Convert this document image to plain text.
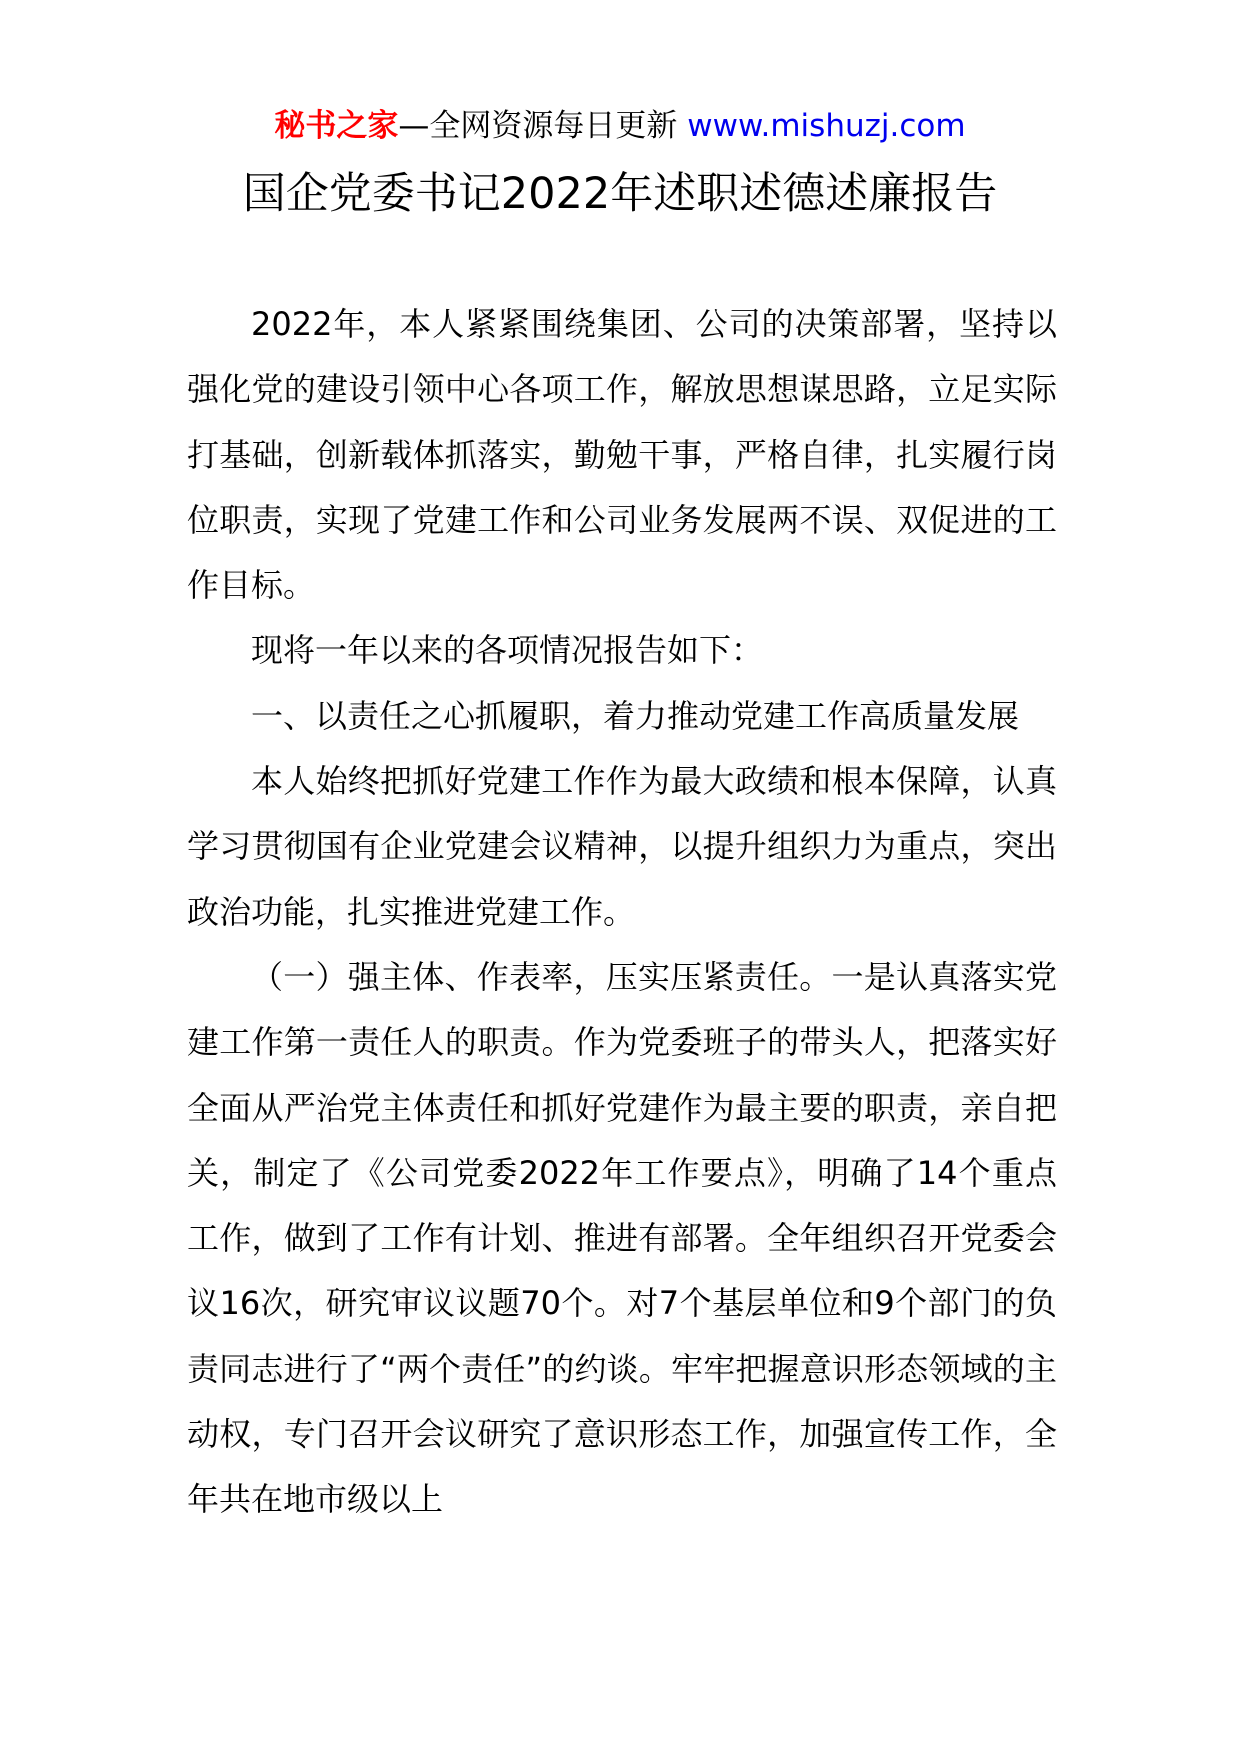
秘书之家—全网资源每日更新 www.mishuzj.com
国企党委书记2022年述职述德述廉报告

2022年，本人紧紧围绕集团、公司的决策部署，坚持以强化党的建设引领中心各项工作，解放思想谋思路，立足实际打基础，创新载体抓落实，勤勉干事，严格自律，扎实履行岗位职责，实现了党建工作和公司业务发展两不误、双促进的工作目标。

现将一年以来的各项情况报告如下：

一、以责任之心抓履职，着力推动党建工作高质量发展

本人始终把抓好党建工作作为最大政绩和根本保障，认真学习贯彻国有企业党建会议精神，以提升组织力为重点，突出政治功能，扎实推进党建工作。

（一）强主体、作表率，压实压紧责任。一是认真落实党建工作第一责任人的职责。作为党委班子的带头人，把落实好全面从严治党主体责任和抓好党建作为最主要的职责，亲自把关，制定了《公司党委2022年工作要点》，明确了14个重点工作，做到了工作有计划、推进有部署。全年组织召开党委会议16次，研究审议议题70个。对7个基层单位和9个部门的负责同志进行了“两个责任”的约谈。牢牢把握意识形态领域的主动权，专门召开会议研究了意识形态工作，加强宣传工作，全年共在地市级以上
